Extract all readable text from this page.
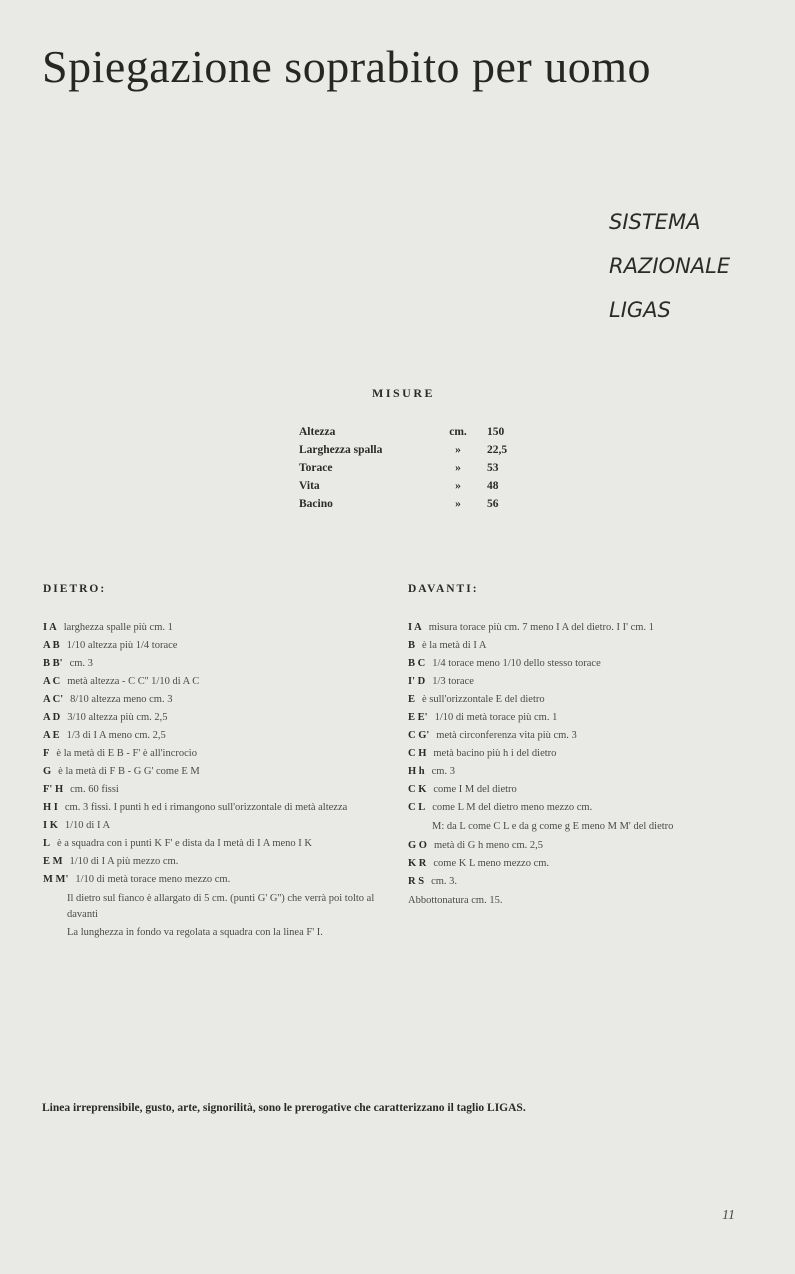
Spiegazione soprabito per uomo
SISTEMA
RAZIONALE
LIGAS
MISURE
Altezza	cm.	150
Larghezza spalla	»	22,5
Torace	»	53
Vita	»	48
Bacino	»	56
DIETRO:
I A larghezza spalle più cm. 1
A B 1/10 altezza più 1/4 torace
B B' cm. 3
A C metà altezza - C C'' 1/10 di A C
A C' 8/10 altezza meno cm. 3
A D 3/10 altezza più cm. 2,5
A E 1/3 di I A meno cm. 2,5
F è la metà di E B - F' è all'incrocio
G è la metà di F B - G G' come E M
F' H cm. 60 fissi
H I cm. 3 fissi. I punti h ed i rimangono sull'orizzontale di metà altezza
I K 1/10 di I A
L è a squadra con i punti K F' e dista da I metà di I A meno I K
E M 1/10 di I A più mezzo cm.
M M' 1/10 di metà torace meno mezzo cm.
Il dietro sul fianco è allargato di 5 cm. (punti G' G'') che verrà poi tolto al davanti
La lunghezza in fondo va regolata a squadra con la linea F' I.
DAVANTI:
I A misura torace più cm. 7 meno I A del dietro. I I' cm. 1
B è la metà di I A
B C 1/4 torace meno 1/10 dello stesso torace
I' D 1/3 torace
E è sull'orizzontale E del dietro
E E' 1/10 di metà torace più cm. 1
C G' metà circonferenza vita più cm. 3
C H metà bacino più h i del dietro
H h cm. 3
C K come I M del dietro
C L come L M del dietro meno mezzo cm.
M: da L come C L e da g come g E meno M M' del dietro
G O metà di G h meno cm. 2,5
K R come K L meno mezzo cm.
R S cm. 3.
Abbottonatura cm. 15.
Linea irreprensibile, gusto, arte, signorilità, sono le prerogative che caratterizzano il taglio LIGAS.
11
